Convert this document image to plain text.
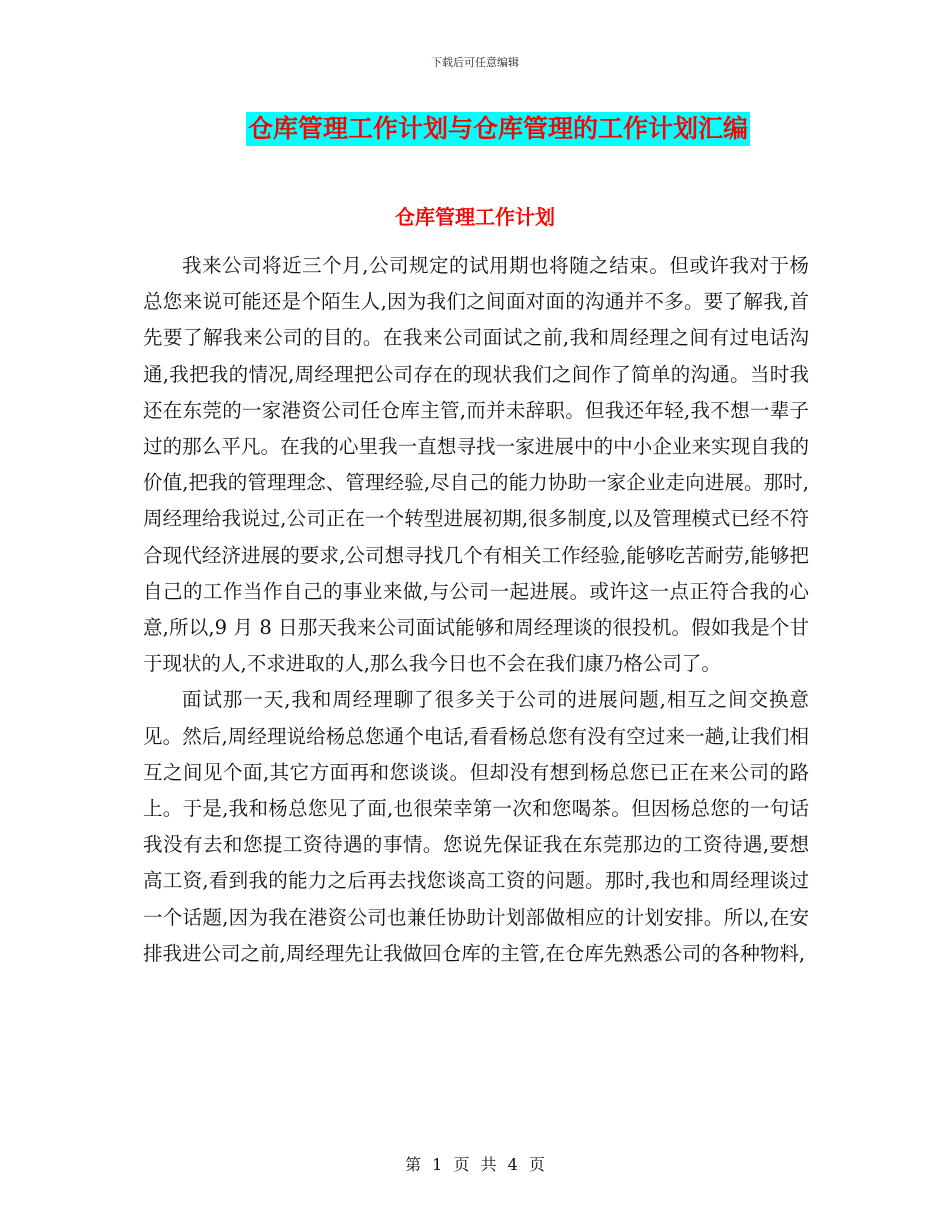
下载后可任意编辑
仓库管理工作计划与仓库管理的工作计划汇编
仓库管理工作计划

我来公司将近三个月,公司规定的试用期也将随之结束。但或许我对于杨总您来说可能还是个陌生人,因为我们之间面对面的沟通并不多。要了解我,首先要了解我来公司的目的。在我来公司面试之前,我和周经理之间有过电话沟通,我把我的情况,周经理把公司存在的现状我们之间作了简单的沟通。当时我还在东莞的一家港资公司任仓库主管,而并未辞职。但我还年轻,我不想一辈子过的那么平凡。在我的心里我一直想寻找一家进展中的中小企业来实现自我的价值,把我的管理理念、管理经验,尽自己的能力协助一家企业走向进展。那时,周经理给我说过,公司正在一个转型进展初期,很多制度,以及管理模式已经不符合现代经济进展的要求,公司想寻找几个有相关工作经验,能够吃苦耐劳,能够把自己的工作当作自己的事业来做,与公司一起进展。或许这一点正符合我的心意,所以,9 月 8 日那天我来公司面试能够和周经理谈的很投机。假如我是个甘于现状的人,不求进取的人,那么我今日也不会在我们康乃格公司了。

面试那一天,我和周经理聊了很多关于公司的进展问题,相互之间交换意见。然后,周经理说给杨总您通个电话,看看杨总您有没有空过来一趟,让我们相互之间见个面,其它方面再和您谈谈。但却没有想到杨总您已正在来公司的路上。于是,我和杨总您见了面,也很荣幸第一次和您喝茶。但因杨总您的一句话我没有去和您提工资待遇的事情。您说先保证我在东莞那边的工资待遇,要想高工资,看到我的能力之后再去找您谈高工资的问题。那时,我也和周经理谈过一个话题,因为我在港资公司也兼任协助计划部做相应的计划安排。所以,在安排我进公司之前,周经理先让我做回仓库的主管,在仓库先熟悉公司的各种物料,

第 1 页 共 4 页
